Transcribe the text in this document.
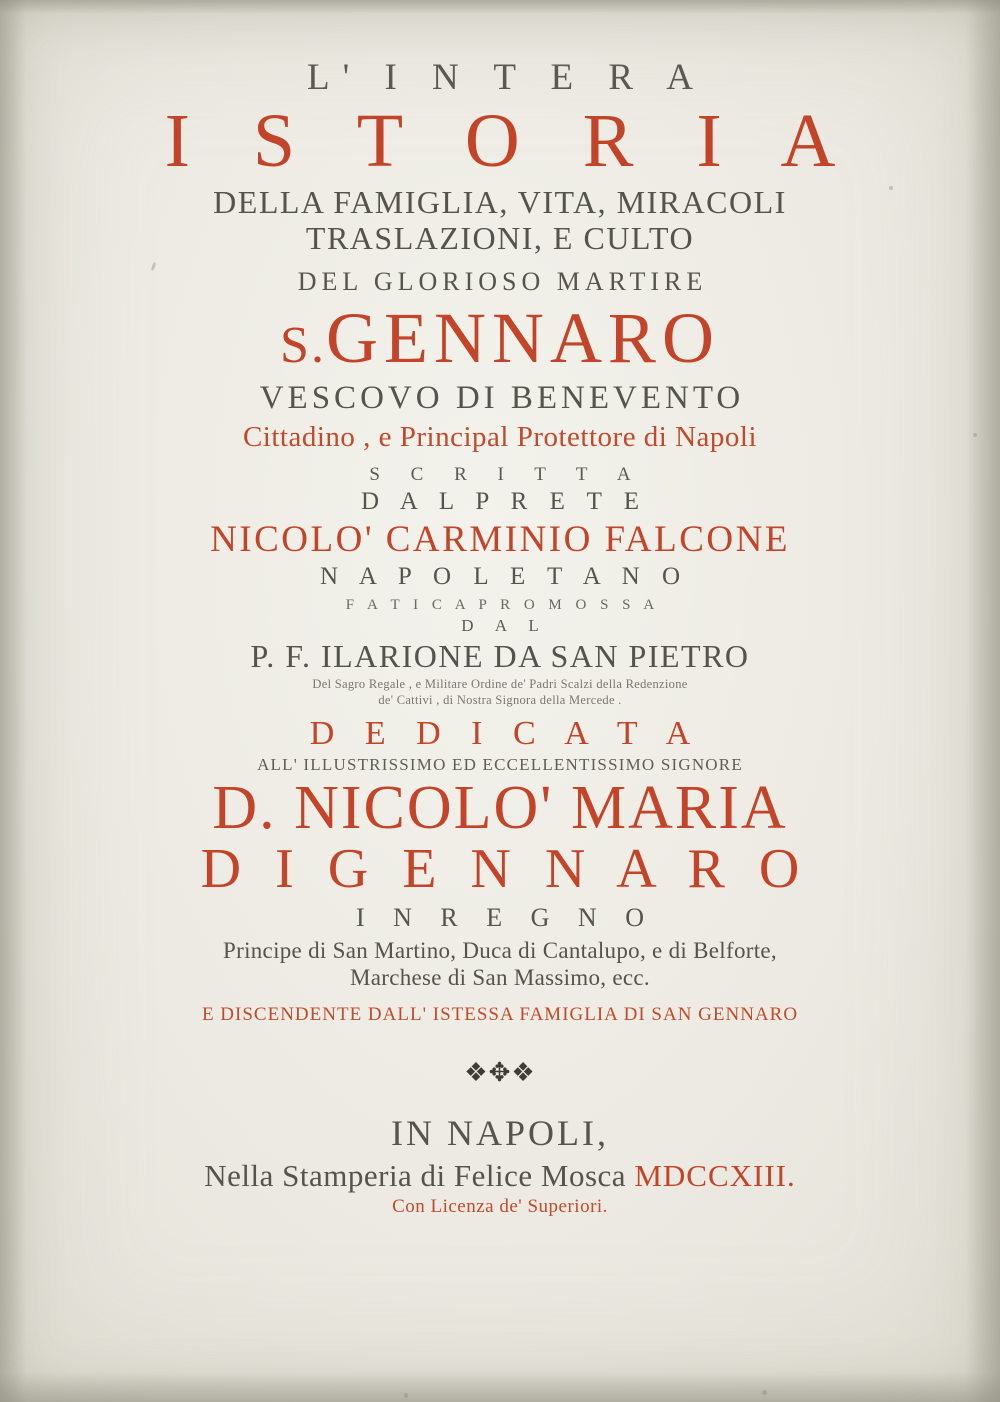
L' I N T E R A
I S T O R I A
DELLA FAMIGLIA, VITA, MIRACOLI
TRASLAZIONI, E CULTO
DEL GLORIOSO MARTIRE
S.GENNARO
VESCOVO DI BENEVENTO
Cittadino , e Principal Protettore di Napoli
S C R I T T A
D A L P R E T E
NICOLO' CARMINIO FALCONE
N A P O L E T A N O
F A T I C A P R O M O S S A
D A L
P. F. ILARIONE DA SAN PIETRO
Del Sagro Regale , e Militare Ordine de' Padri Scalzi della Redenzione
de' Cattivi , di Nostra Signora della Mercede .
D E D I C A T A
ALL' ILLUSTRISSIMO ED ECCELLENTISSIMO SIGNORE
D. NICOLO' MARIA
D I G E N N A R O
I N R E G N O
Principe di San Martino, Duca di Cantalupo, e di Belforte,
Marchese di San Massimo, ecc.
E DISCENDENTE DALL' ISTESSA FAMIGLIA DI SAN GENNARO
❖✥❖
IN NAPOLI,
Nella Stamperia di Felice Mosca MDCCXIII.
Con Licenza de' Superiori.
